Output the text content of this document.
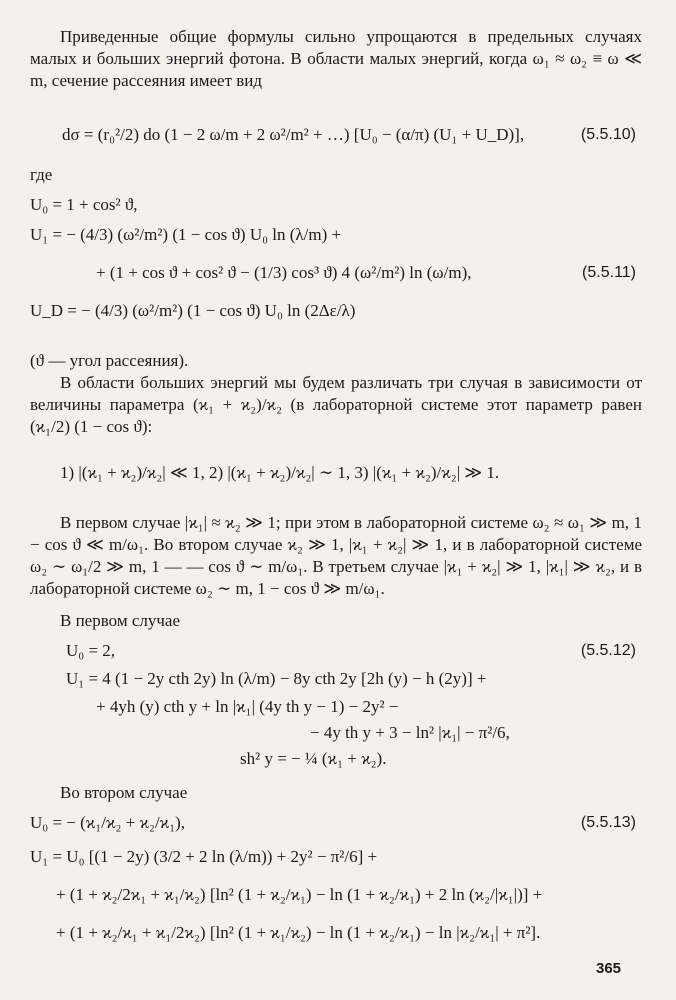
Приведенные общие формулы сильно упрощаются в предельных случаях малых и больших энергий фотона. В области малых энергий, когда ω₁ ≈ ω₂ ≡ ω ≪ m, сечение рассеяния имеет вид
dσ = (r₀²/2) do (1 − 2 ω/m + 2 ω²/m² + …) [U₀ − (α/π) (U₁ + U_D)],	(5.5.10)
где
U₀ = 1 + cos² ϑ,
U₁ = − (4/3) (ω²/m²) (1 − cos ϑ) U₀ ln (λ/m) +
+ (1 + cos ϑ + cos² ϑ − (1/3) cos³ ϑ) 4 (ω²/m²) ln (ω/m),	(5.5.11)
U_D = − (4/3) (ω²/m²) (1 − cos ϑ) U₀ ln (2Δε/λ)
(ϑ — угол рассеяния).
В области больших энергий мы будем различать три случая в зависимости от величины параметра (ϰ₁ + ϰ₂)/ϰ₂ (в лабораторной системе этот параметр равен (ϰ₁/2) (1 − cos ϑ):
1) |(ϰ₁ + ϰ₂)/ϰ₂| ≪ 1, 2) |(ϰ₁ + ϰ₂)/ϰ₂| ∼ 1, 3) |(ϰ₁ + ϰ₂)/ϰ₂| ≫ 1.
В первом случае |ϰ₁| ≈ ϰ₂ ≫ 1; при этом в лабораторной системе ω₂ ≈ ω₁ ≫ m, 1 − cos ϑ ≪ m/ω₁. Во втором случае ϰ₂ ≫ 1, |ϰ₁ + ϰ₂| ≫ 1, и в лабораторной системе ω₂ ∼ ω₁/2 ≫ m, 1 — — cos ϑ ∼ m/ω₁. В третьем случае |ϰ₁ + ϰ₂| ≫ 1, |ϰ₁| ≫ ϰ₂, и в лабораторной системе ω₂ ∼ m, 1 − cos ϑ ≫ m/ω₁.
В первом случае
U₀ = 2,	(5.5.12)
U₁ = 4 (1 − 2y cth 2y) ln (λ/m) − 8y cth 2y [2h (y) − h (2y)] +
+ 4yh (y) cth y + ln |ϰ₁| (4y th y − 1) − 2y² −
− 4y th y + 3 − ln² |ϰ₁| − π²/6,
sh² y = − ¼ (ϰ₁ + ϰ₂).
Во втором случае
U₀ = − (ϰ₁/ϰ₂ + ϰ₂/ϰ₁),	(5.5.13)
U₁ = U₀ [(1 − 2y) (3/2 + 2 ln (λ/m)) + 2y² − π²/6] +
+ (1 + ϰ₂/2ϰ₁ + ϰ₁/ϰ₂) [ln² (1 + ϰ₂/ϰ₁) − ln (1 + ϰ₂/ϰ₁) + 2 ln (ϰ₂/|ϰ₁|)] +
+ (1 + ϰ₂/ϰ₁ + ϰ₁/2ϰ₂) [ln² (1 + ϰ₁/ϰ₂) − ln (1 + ϰ₂/ϰ₁) − ln |ϰ₂/ϰ₁| + π²].
365
